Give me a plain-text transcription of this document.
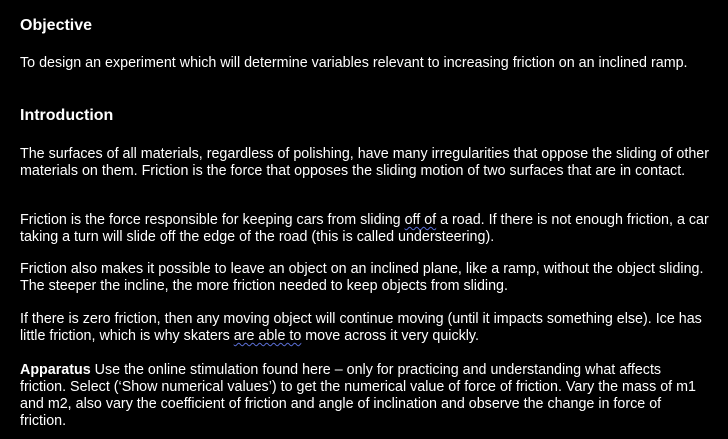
Objective

To design an experiment which will determine variables relevant to increasing friction on an inclined ramp.

Introduction

The surfaces of all materials, regardless of polishing, have many irregularities that oppose the sliding of other materials on them. Friction is the force that opposes the sliding motion of two surfaces that are in contact.

Friction is the force responsible for keeping cars from sliding off of a road. If there is not enough friction, a car taking a turn will slide off the edge of the road (this is called understeering).

Friction also makes it possible to leave an object on an inclined plane, like a ramp, without the object sliding. The steeper the incline, the more friction needed to keep objects from sliding.

If there is zero friction, then any moving object will continue moving (until it impacts something else). Ice has little friction, which is why skaters are able to move across it very quickly.

Apparatus Use the online stimulation found here – only for practicing and understanding what affects friction. Select (‘Show numerical values’) to get the numerical value of force of friction. Vary the mass of m1 and m2, also vary the coefficient of friction and angle of inclination and observe the change in force of friction.
